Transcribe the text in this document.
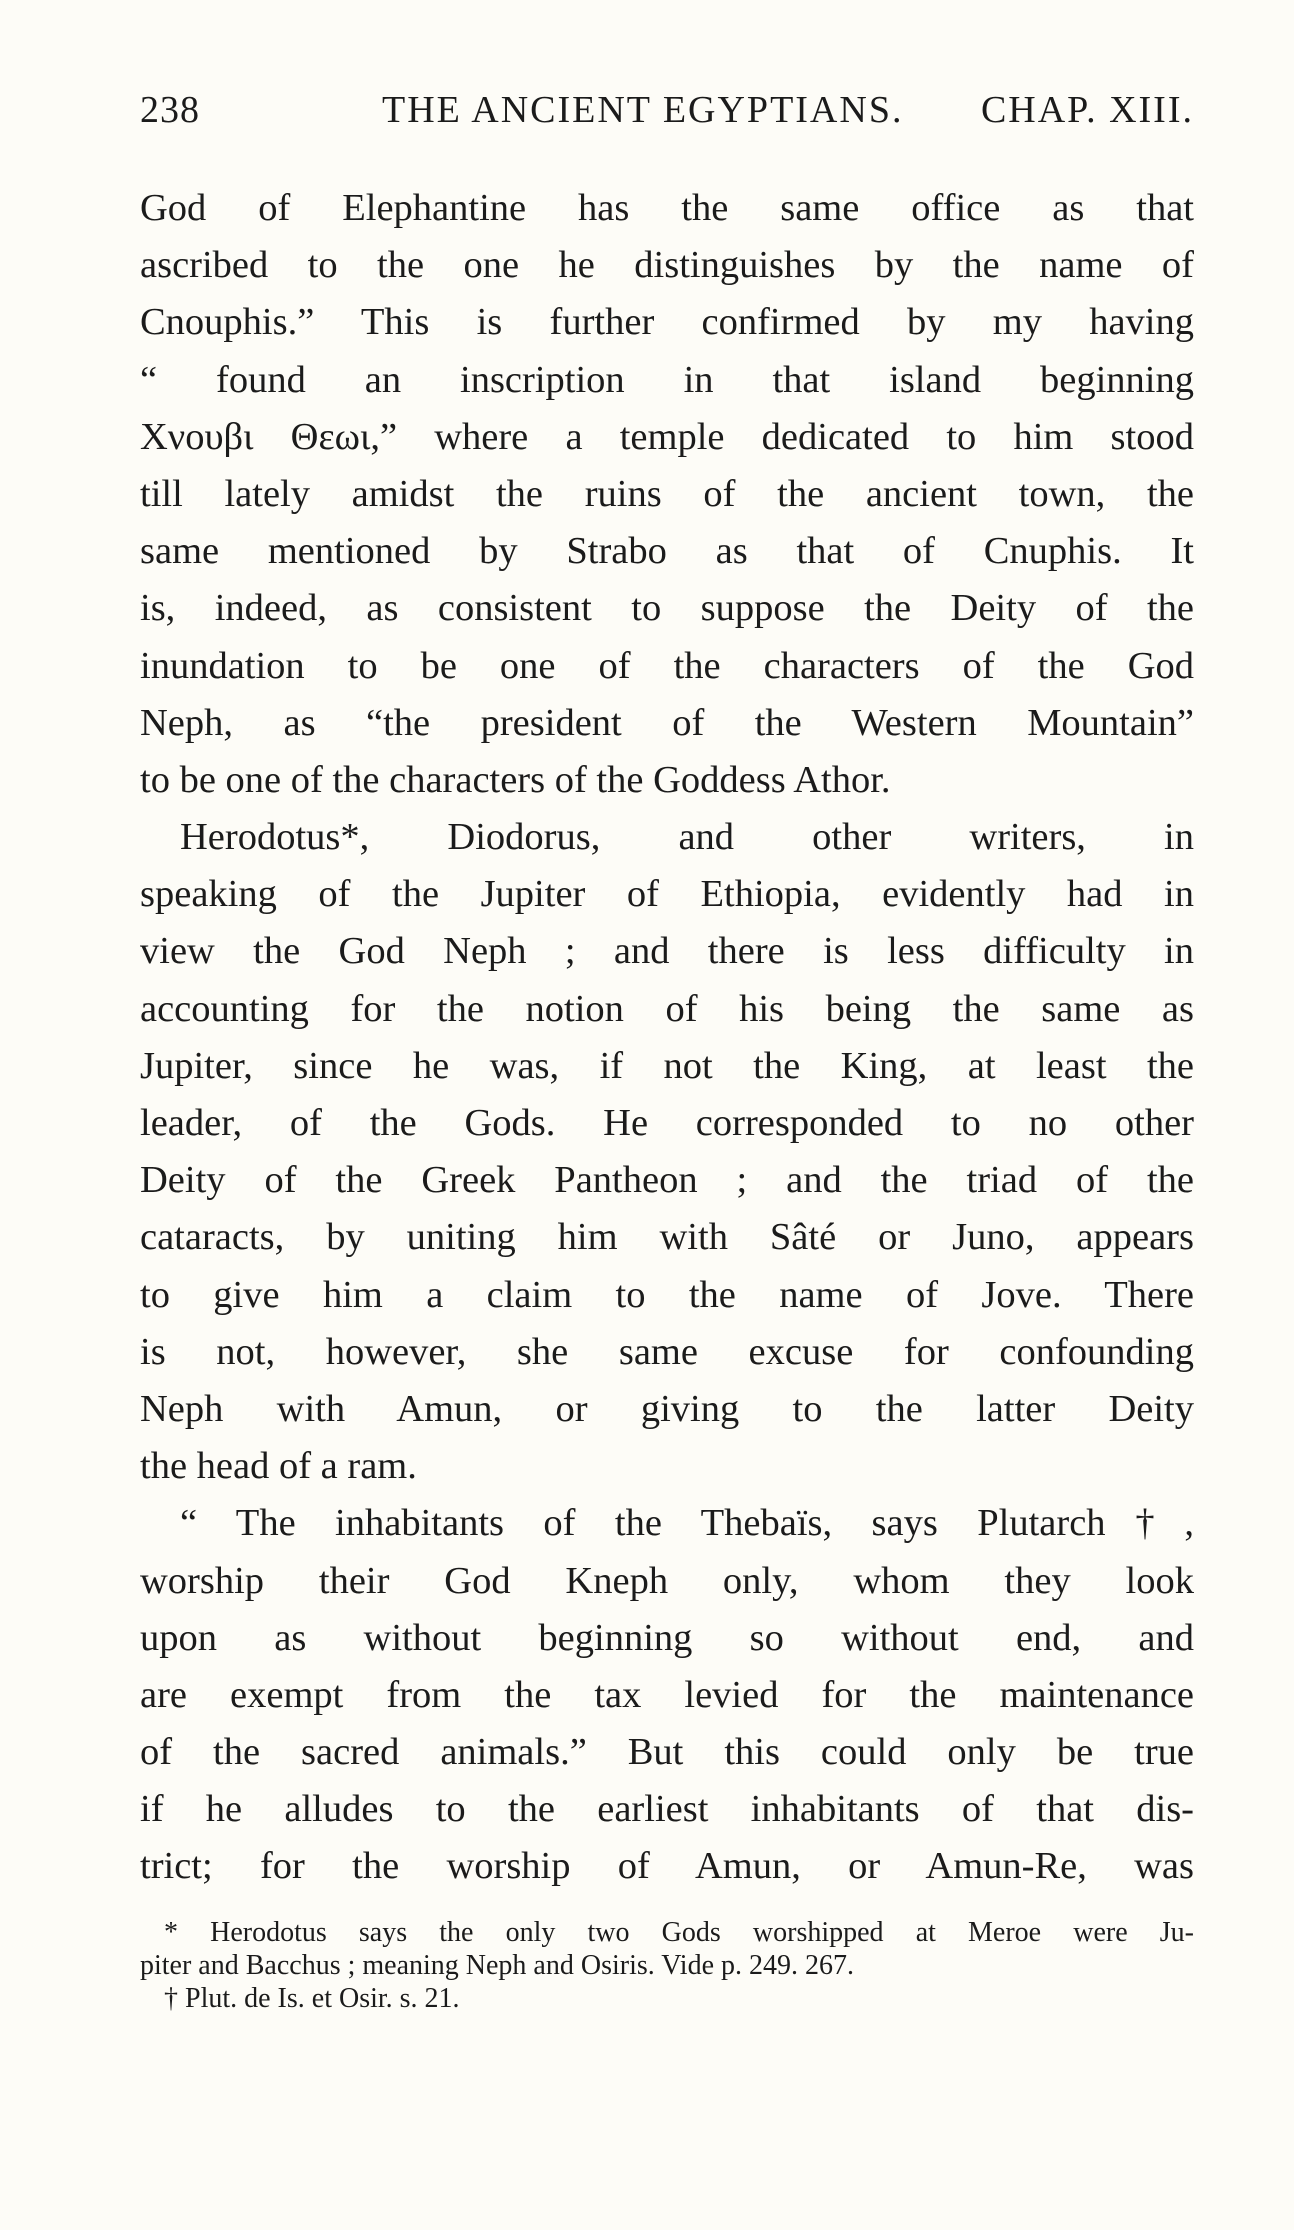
238	THE ANCIENT EGYPTIANS. CHAP. XIII.
God of Elephantine has the same office as that
ascribed to the one he distinguishes by the name of
Cnouphis.” This is further confirmed by my having
“ found an inscription in that island beginning
Χνουβι Θεωι,” where a temple dedicated to him stood
till lately amidst the ruins of the ancient town, the
same mentioned by Strabo as that of Cnuphis. It
is, indeed, as consistent to suppose the Deity of the
inundation to be one of the characters of the God
Neph, as “the president of the Western Mountain”
to be one of the characters of the Goddess Athor.
Herodotus*, Diodorus, and other writers, in
speaking of the Jupiter of Ethiopia, evidently had in
view the God Neph ; and there is less difficulty in
accounting for the notion of his being the same as
Jupiter, since he was, if not the King, at least the
leader, of the Gods. He corresponded to no other
Deity of the Greek Pantheon ; and the triad of the
cataracts, by uniting him with Sâté or Juno, appears
to give him a claim to the name of Jove. There
is not, however, she same excuse for confounding
Neph with Amun, or giving to the latter Deity
the head of a ram.
“ The inhabitants of the Thebaïs, says Plutarch†,
worship their God Kneph only, whom they look
upon as without beginning so without end, and
are exempt from the tax levied for the maintenance
of the sacred animals.” But this could only be true
if he alludes to the earliest inhabitants of that dis-
trict; for the worship of Amun, or Amun-Re, was
* Herodotus says the only two Gods worshipped at Meroe were Ju-
piter and Bacchus ; meaning Neph and Osiris. Vide p. 249. 267.
† Plut. de Is. et Osir. s. 21.
